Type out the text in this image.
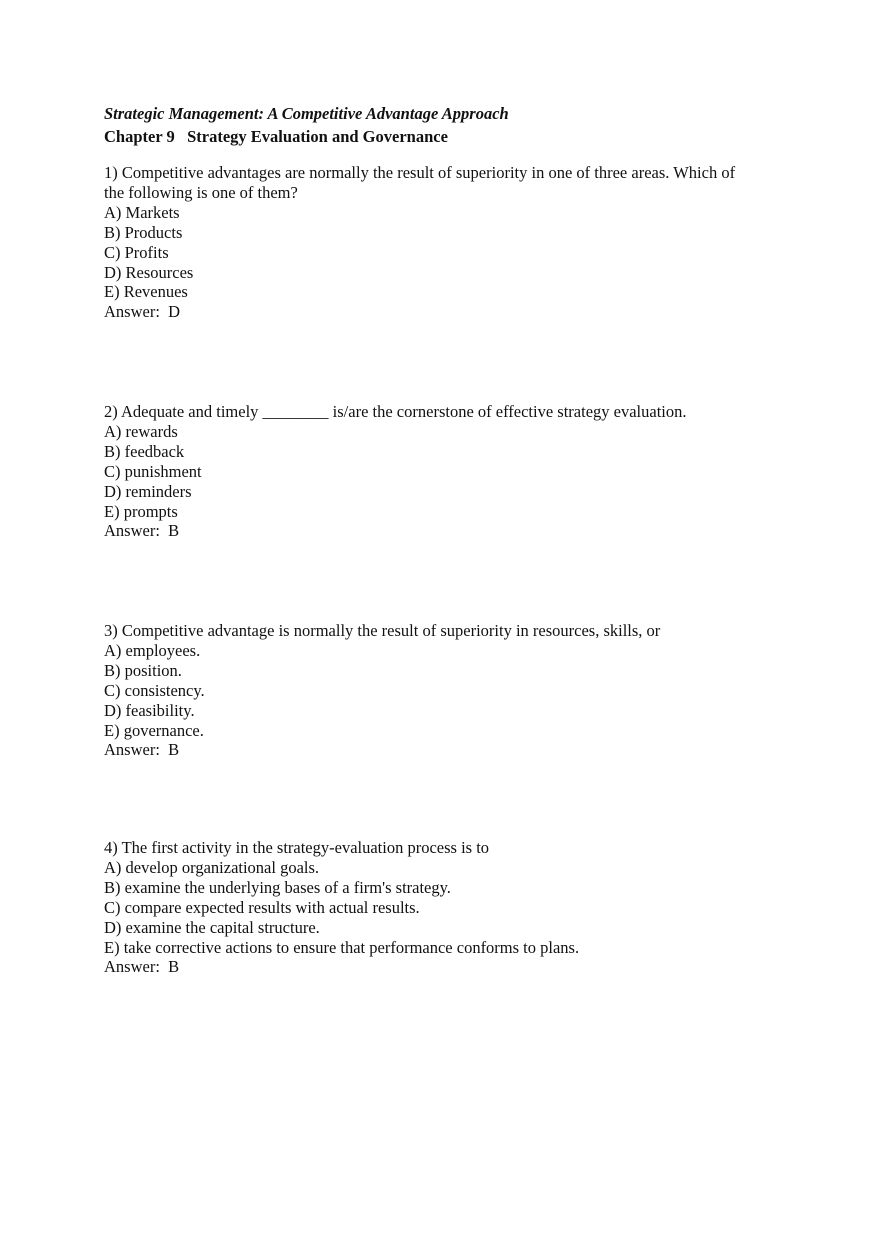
Strategic Management: A Competitive Advantage Approach
Chapter 9   Strategy Evaluation and Governance
1) Competitive advantages are normally the result of superiority in one of three areas. Which of
the following is one of them?
A) Markets
B) Products
C) Profits
D) Resources
E) Revenues
Answer:  D
2) Adequate and timely ________ is/are the cornerstone of effective strategy evaluation.
A) rewards
B) feedback
C) punishment
D) reminders
E) prompts
Answer:  B
3) Competitive advantage is normally the result of superiority in resources, skills, or
A) employees.
B) position.
C) consistency.
D) feasibility.
E) governance.
Answer:  B
4) The first activity in the strategy-evaluation process is to
A) develop organizational goals.
B) examine the underlying bases of a firm's strategy.
C) compare expected results with actual results.
D) examine the capital structure.
E) take corrective actions to ensure that performance conforms to plans.
Answer:  B
